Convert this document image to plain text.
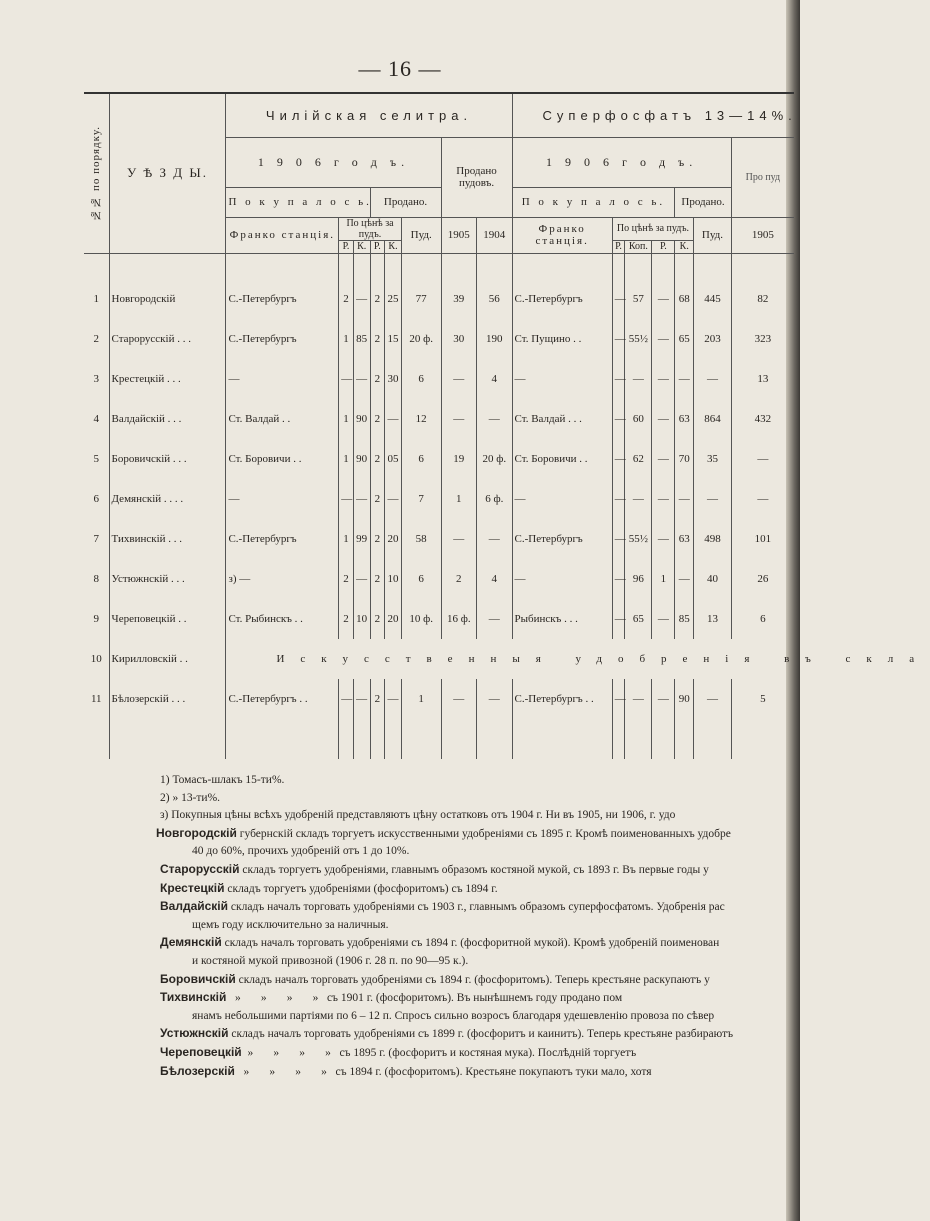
— 16 —
№№ по порядку.	У Ѣ З Д Ы.	Чилійская селитра.								Суперфосфатъ 13—14%.						
		1 9 0 6 г о д ъ.						Продано пудовъ.		1 9 0 6 г о д ъ.						Про пуд
		П о к у п а л о с ь.			Продано.					П о к у п а л о с ь.				Продано.		
		Франко станція.	По цѣнѣ за пудъ.				Пуд.	1905	1904	Франко станція.	По цѣнѣ за пудъ.				Пуд.	1905
			Р.	К.	Р.	К.					Р.	Коп.	Р.	К.		

1	Новгородскій	С.-Петербургъ	2	—	2	25	77	39	56	С.-Петербургъ	—	57	—	68	445	82
2	Старорусскій . . .	С.-Петербургъ	1	85	2	15	20 ф.	30	190	Ст. Пущино . .	—	55½	—	65	203	323
3	Крестецкій . . .	—	—	—	2	30	6	—	4	—	—	—	—	—	—	13
4	Валдайскій . . .	Ст. Валдай . .	1	90	2	—	12	—	—	Ст. Валдай . . .	—	60	—	63	864	432
5	Боровичскій . . .	Ст. Боровичи . .	1	90	2	05	6	19	20 ф.	Ст. Боровичи . .	—	62	—	70	35	—
6	Демянскій . . . .	—	—	—	2	—	7	1	6 ф.	—	—	—	—	—	—	—
7	Тихвинскій . . .	С.-Петербургъ	1	99	2	20	58	—	—	С.-Петербургъ	—	55½	—	63	498	101
8	Устюжнскій . . .	з) —	2	—	2	10	6	2	4	—	—	96	1	—	40	26
9	Череповецкій . .	Ст. Рыбинскъ . .	2	10	2	20	10 ф.	16 ф.	—	Рыбинскъ . . .	—	65	—	85	13	6
10	Кирилловскій . .	Искусственныя удобренія въ скла														
11	Бѣлозерскій . . .	С.-Петербургъ . .	—	—	2	—	1	—	—	С.-Петербургъ . .	—	—	—	90	—	5

1) Томасъ-шлакъ 15-ти%.
2) » 13-ти%.
з) Покупныя цѣны всѣхъ удобреній представляютъ цѣну остатковъ отъ 1904 г. Ни въ 1905, ни 1906, г. удо
Новгородскій губернскій складъ торгуетъ искусственными удобреніями съ 1895 г. Кромѣ поименованныхъ удобре
40 до 60%, прочихъ удобреній отъ 1 до 10%.
Старорусскій складъ торгуетъ удобреніями, главнымъ образомъ костяной мукой, съ 1893 г. Въ первые годы у
Крестецкій складъ торгуетъ удобреніями (фосфоритомъ) съ 1894 г.
Валдайскій складъ началъ торговать удобреніями съ 1903 г., главнымъ образомъ суперфосфатомъ. Удобренія рас
щемъ году исключительно за наличныя.
Демянскій складъ началъ торговать удобреніями съ 1894 г. (фосфоритной мукой). Кромѣ удобреній поименован
и костяной мукой привозной (1906 г. 28 п. по 90—95 к.).
Боровичскій складъ началъ торговать удобреніями съ 1894 г. (фосфоритомъ). Теперь крестьяне раскупаютъ у
Тихвинскій   »       »       »       »   съ 1901 г. (фосфоритомъ). Въ нынѣшнемъ году продано пом
янамъ небольшими партіями по 6 – 12 п. Спросъ сильно возросъ благодаря удешевленію провоза по сѣвер
Устюжнскій складъ началъ торговать удобреніями съ 1899 г. (фосфоритъ и каинитъ). Теперь крестьяне разбираютъ
Череповецкій  »       »       »       »   съ 1895 г. (фосфоритъ и костяная мука). Послѣдній торгуетъ
Бѣлозерскій   »       »       »       »   съ 1894 г. (фосфоритомъ). Крестьяне покупаютъ туки мало, хотя
